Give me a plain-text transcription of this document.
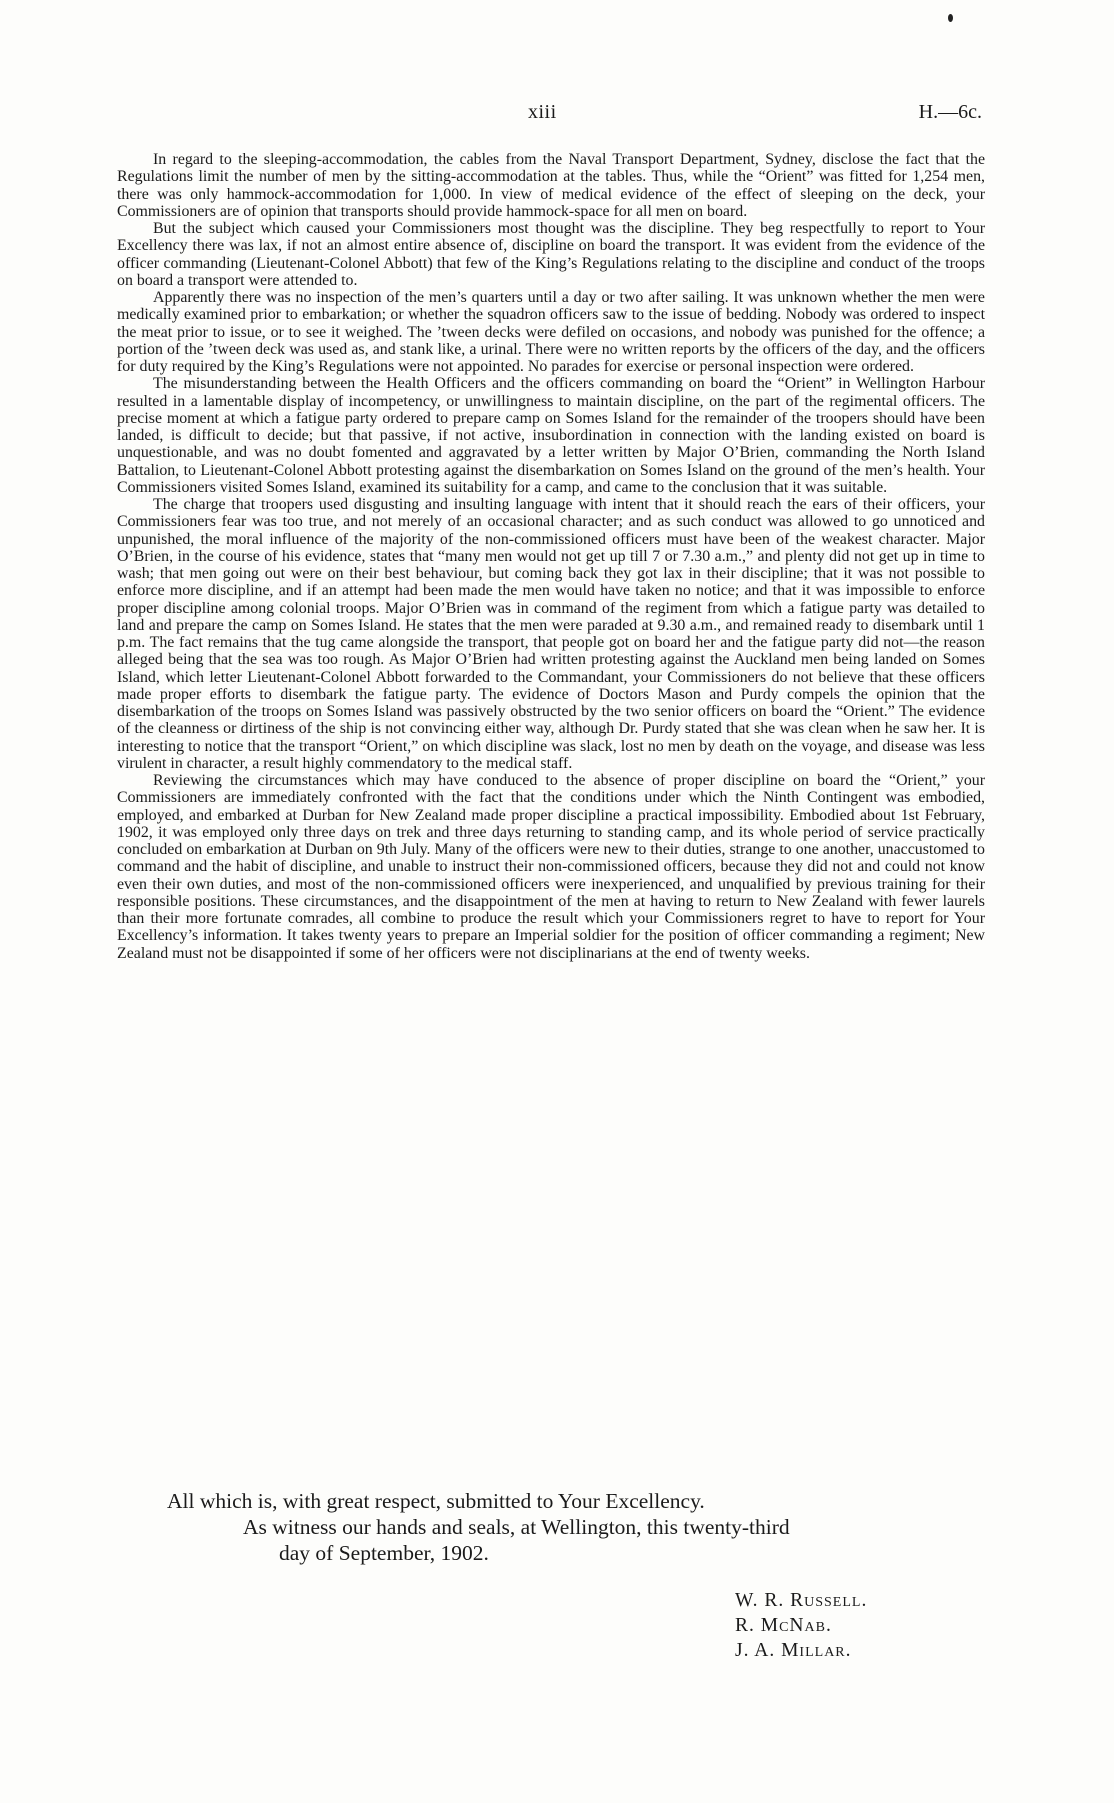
xiii	H.—6c.

In regard to the sleeping-accommodation, the cables from the Naval Transport Department, Sydney, disclose the fact that the Regulations limit the number of men by the sitting-accommodation at the tables. Thus, while the “Orient” was fitted for 1,254 men, there was only hammock-accommodation for 1,000. In view of medical evidence of the effect of sleeping on the deck, your Commissioners are of opinion that transports should provide hammock-space for all men on board.

But the subject which caused your Commissioners most thought was the discipline. They beg respectfully to report to Your Excellency there was lax, if not an almost entire absence of, discipline on board the transport. It was evident from the evidence of the officer commanding (Lieutenant-Colonel Abbott) that few of the King’s Regulations relating to the discipline and conduct of the troops on board a transport were attended to.

Apparently there was no inspection of the men’s quarters until a day or two after sailing. It was unknown whether the men were medically examined prior to embarkation; or whether the squadron officers saw to the issue of bedding. Nobody was ordered to inspect the meat prior to issue, or to see it weighed. The ’tween decks were defiled on occasions, and nobody was punished for the offence; a portion of the ’tween deck was used as, and stank like, a urinal. There were no written reports by the officers of the day, and the officers for duty required by the King’s Regulations were not appointed. No parades for exercise or personal inspection were ordered.

The misunderstanding between the Health Officers and the officers commanding on board the “Orient” in Wellington Harbour resulted in a lamentable display of incompetency, or unwillingness to maintain discipline, on the part of the regimental officers. The precise moment at which a fatigue party ordered to prepare camp on Somes Island for the remainder of the troopers should have been landed, is difficult to decide; but that passive, if not active, insubordination in connection with the landing existed on board is unquestionable, and was no doubt fomented and aggravated by a letter written by Major O’Brien, commanding the North Island Battalion, to Lieutenant-Colonel Abbott protesting against the disembarkation on Somes Island on the ground of the men’s health. Your Commissioners visited Somes Island, examined its suitability for a camp, and came to the conclusion that it was suitable.

The charge that troopers used disgusting and insulting language with intent that it should reach the ears of their officers, your Commissioners fear was too true, and not merely of an occasional character; and as such conduct was allowed to go unnoticed and unpunished, the moral influence of the majority of the non-commissioned officers must have been of the weakest character. Major O’Brien, in the course of his evidence, states that “many men would not get up till 7 or 7.30 a.m.,” and plenty did not get up in time to wash; that men going out were on their best behaviour, but coming back they got lax in their discipline; that it was not possible to enforce more discipline, and if an attempt had been made the men would have taken no notice; and that it was impossible to enforce proper discipline among colonial troops. Major O’Brien was in command of the regiment from which a fatigue party was detailed to land and prepare the camp on Somes Island. He states that the men were paraded at 9.30 a.m., and remained ready to disembark until 1 p.m. The fact remains that the tug came alongside the transport, that people got on board her and the fatigue party did not—the reason alleged being that the sea was too rough. As Major O’Brien had written protesting against the Auckland men being landed on Somes Island, which letter Lieutenant-Colonel Abbott forwarded to the Commandant, your Commissioners do not believe that these officers made proper efforts to disembark the fatigue party. The evidence of Doctors Mason and Purdy compels the opinion that the disembarkation of the troops on Somes Island was passively obstructed by the two senior officers on board the “Orient.” The evidence of the cleanness or dirtiness of the ship is not convincing either way, although Dr. Purdy stated that she was clean when he saw her. It is interesting to notice that the transport “Orient,” on which discipline was slack, lost no men by death on the voyage, and disease was less virulent in character, a result highly commendatory to the medical staff.

Reviewing the circumstances which may have conduced to the absence of proper discipline on board the “Orient,” your Commissioners are immediately confronted with the fact that the conditions under which the Ninth Contingent was embodied, employed, and embarked at Durban for New Zealand made proper discipline a practical impossibility. Embodied about 1st February, 1902, it was employed only three days on trek and three days returning to standing camp, and its whole period of service practically concluded on embarkation at Durban on 9th July. Many of the officers were new to their duties, strange to one another, unaccustomed to command and the habit of discipline, and unable to instruct their non-commissioned officers, because they did not and could not know even their own duties, and most of the non-commissioned officers were inexperienced, and unqualified by previous training for their responsible positions. These circumstances, and the disappointment of the men at having to return to New Zealand with fewer laurels than their more fortunate comrades, all combine to produce the result which your Commissioners regret to have to report for Your Excellency’s information. It takes twenty years to prepare an Imperial soldier for the position of officer commanding a regiment; New Zealand must not be disappointed if some of her officers were not disciplinarians at the end of twenty weeks.

All which is, with great respect, submitted to Your Excellency.

As witness our hands and seals, at Wellington, this twenty-third

day of September, 1902.

W. R. Russell.
R. McNab.
J. A. Millar.
